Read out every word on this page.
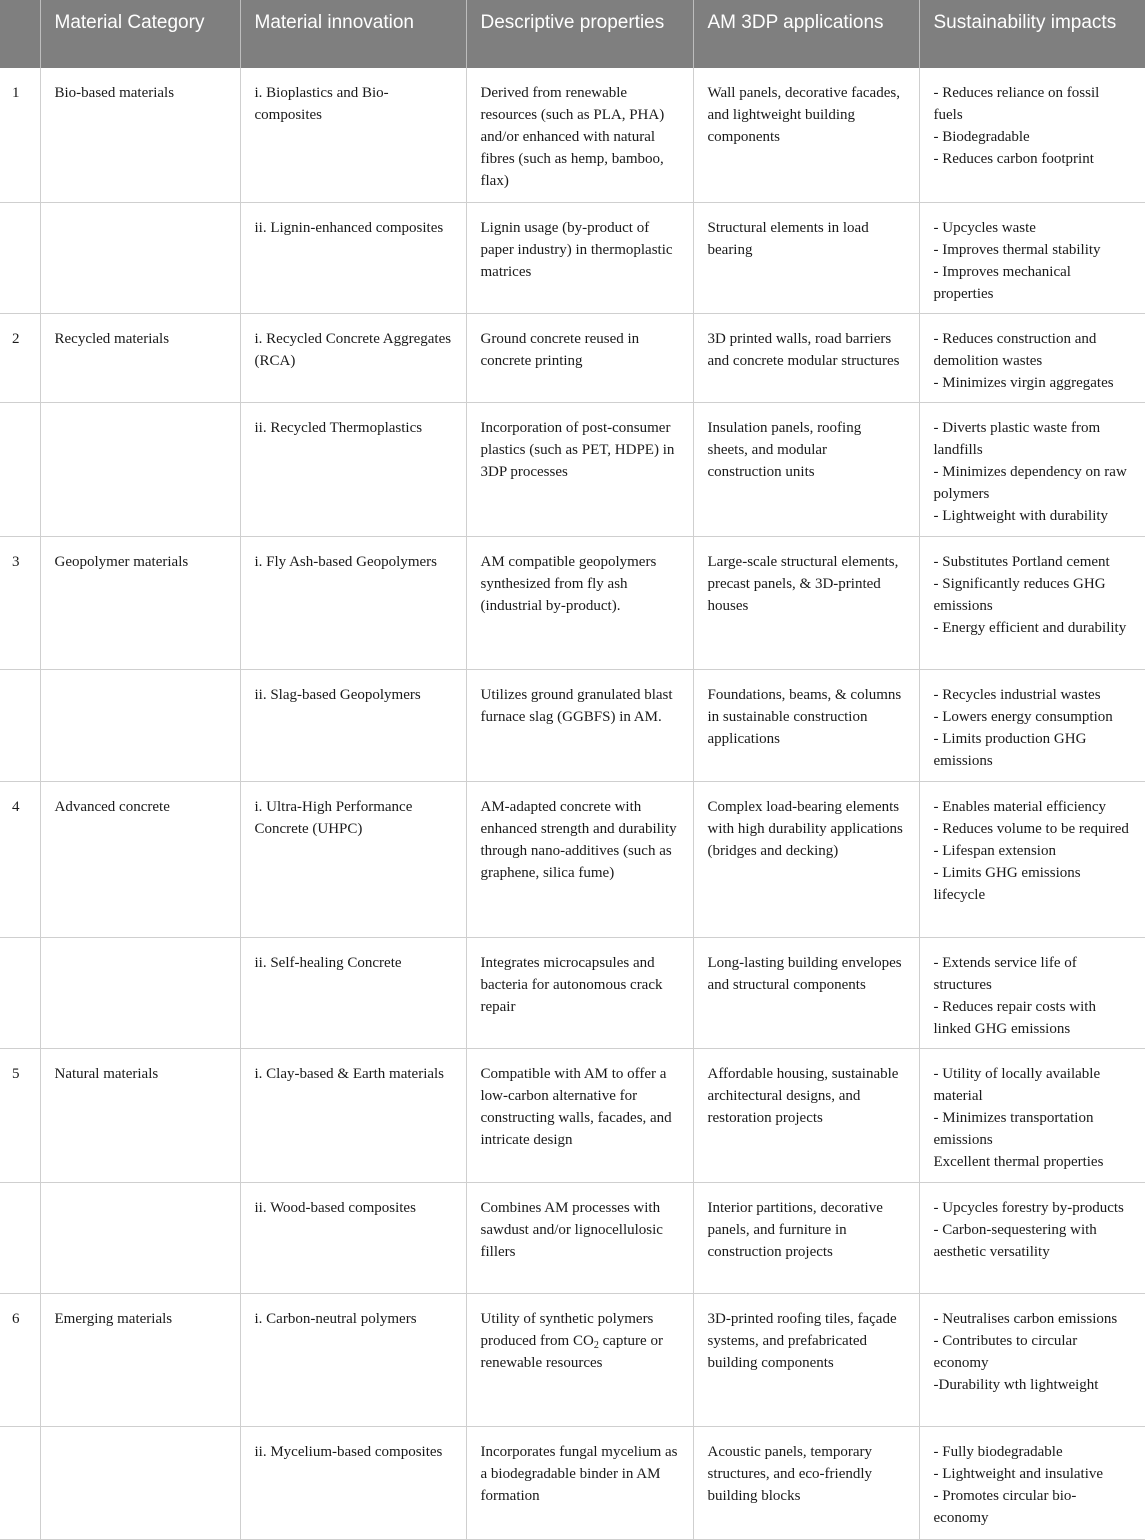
	Material Category	Material innovation	Descriptive properties	AM 3DP applications	Sustainability impacts
1	Bio-based materials	i. Bioplastics and Bio-composites	Derived from renewable resources (such as PLA, PHA) and/or enhanced with natural fibres (such as hemp, bamboo, flax)	Wall panels, decorative facades, and lightweight building components	- Reduces reliance on fossil fuels
- Biodegradable
- Reduces carbon footprint

		ii. Lignin-enhanced composites	Lignin usage (by-product of paper industry) in thermoplastic matrices	Structural elements in load bearing	- Upcycles waste
- Improves thermal stability
- Improves mechanical properties

2	Recycled materials	i. Recycled Concrete Aggregates (RCA)	Ground concrete reused in concrete printing	3D printed walls, road barriers and concrete modular structures	- Reduces construction and demolition wastes
- Minimizes virgin aggregates

		ii. Recycled Thermoplastics	Incorporation of post-consumer plastics (such as PET, HDPE) in 3DP processes	Insulation panels, roofing sheets, and modular construction units	- Diverts plastic waste from landfills
- Minimizes dependency on raw polymers
- Lightweight with durability

3	Geopolymer materials	i. Fly Ash-based Geopolymers	AM compatible geopolymers synthesized from fly ash (industrial by-product).	Large-scale structural elements, precast panels, & 3D-printed houses	- Substitutes Portland cement
- Significantly reduces GHG emissions
- Energy efficient and durability

		ii. Slag-based Geopolymers	Utilizes ground granulated blast furnace slag (GGBFS) in AM.	Foundations, beams, & columns in sustainable construction applications	- Recycles industrial wastes
- Lowers energy consumption
- Limits production GHG emissions

4	Advanced concrete	i. Ultra-High Performance Concrete (UHPC)	AM-adapted concrete with enhanced strength and durability through nano-additives (such as graphene, silica fume)	Complex load-bearing elements with high durability applications (bridges and decking)	- Enables material efficiency
- Reduces volume to be required
- Lifespan extension
- Limits GHG emissions lifecycle

		ii. Self-healing Concrete	Integrates microcapsules and bacteria for autonomous crack repair	Long-lasting building envelopes and structural components	- Extends service life of structures
- Reduces repair costs with linked GHG emissions

5	Natural materials	i. Clay-based & Earth materials	Compatible with AM to offer a low-carbon alternative for constructing walls, facades, and intricate design	Affordable housing, sustainable architectural designs, and restoration projects	- Utility of locally available material
- Minimizes transportation emissions
Excellent thermal properties

		ii. Wood-based composites	Combines AM processes with sawdust and/or lignocellulosic fillers	Interior partitions, decorative panels, and furniture in construction projects	- Upcycles forestry by-products
- Carbon-sequestering with aesthetic versatility

6	Emerging materials	i. Carbon-neutral polymers	Utility of synthetic polymers produced from $CO_2$ capture or renewable resources	3D-printed roofing tiles, façade systems, and prefabricated building components	- Neutralises carbon emissions
- Contributes to circular economy
-Durability wth lightweight

		ii. Mycelium-based composites	Incorporates fungal mycelium as a biodegradable binder in AM formation	Acoustic panels, temporary structures, and eco-friendly building blocks	- Fully biodegradable
- Lightweight and insulative
- Promotes circular bio-economy
